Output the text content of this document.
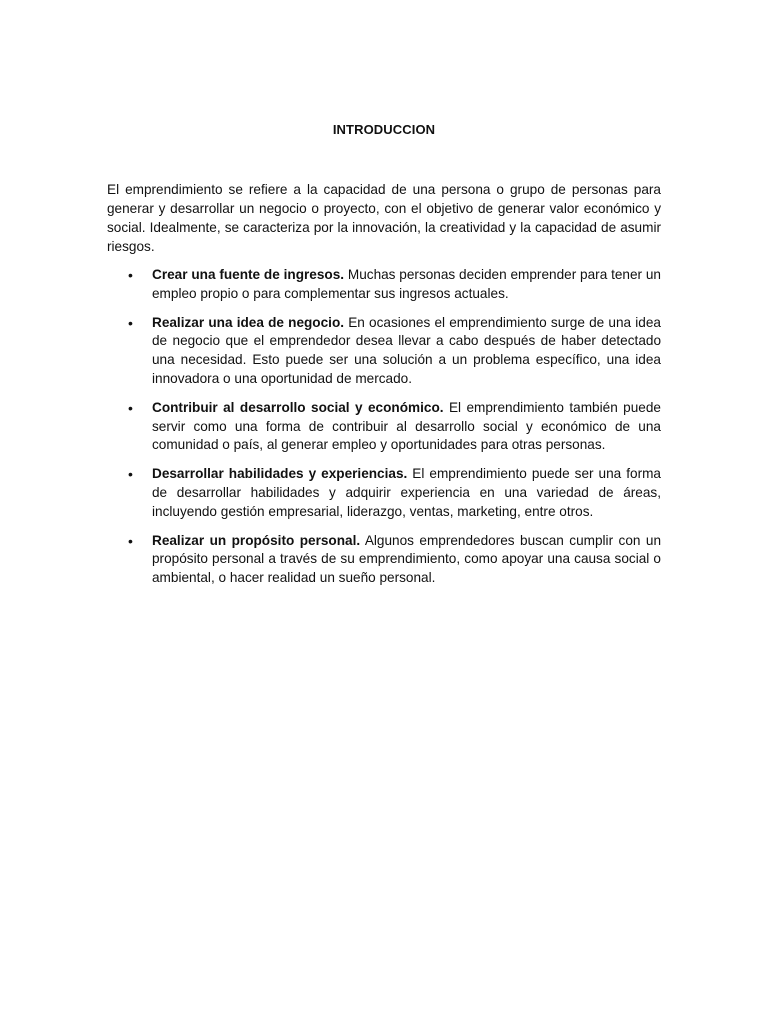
INTRODUCCION

El emprendimiento se refiere a la capacidad de una persona o grupo de personas para generar y desarrollar un negocio o proyecto, con el objetivo de generar valor económico y social. Idealmente, se caracteriza por la innovación, la creatividad y la capacidad de asumir riesgos.

• Crear una fuente de ingresos. Muchas personas deciden emprender para tener un empleo propio o para complementar sus ingresos actuales.
• Realizar una idea de negocio. En ocasiones el emprendimiento surge de una idea de negocio que el emprendedor desea llevar a cabo después de haber detectado una necesidad. Esto puede ser una solución a un problema específico, una idea innovadora o una oportunidad de mercado.
• Contribuir al desarrollo social y económico. El emprendimiento también puede servir como una forma de contribuir al desarrollo social y económico de una comunidad o país, al generar empleo y oportunidades para otras personas.
• Desarrollar habilidades y experiencias. El emprendimiento puede ser una forma de desarrollar habilidades y adquirir experiencia en una variedad de áreas, incluyendo gestión empresarial, liderazgo, ventas, marketing, entre otros.
• Realizar un propósito personal. Algunos emprendedores buscan cumplir con un propósito personal a través de su emprendimiento, como apoyar una causa social o ambiental, o hacer realidad un sueño personal.
